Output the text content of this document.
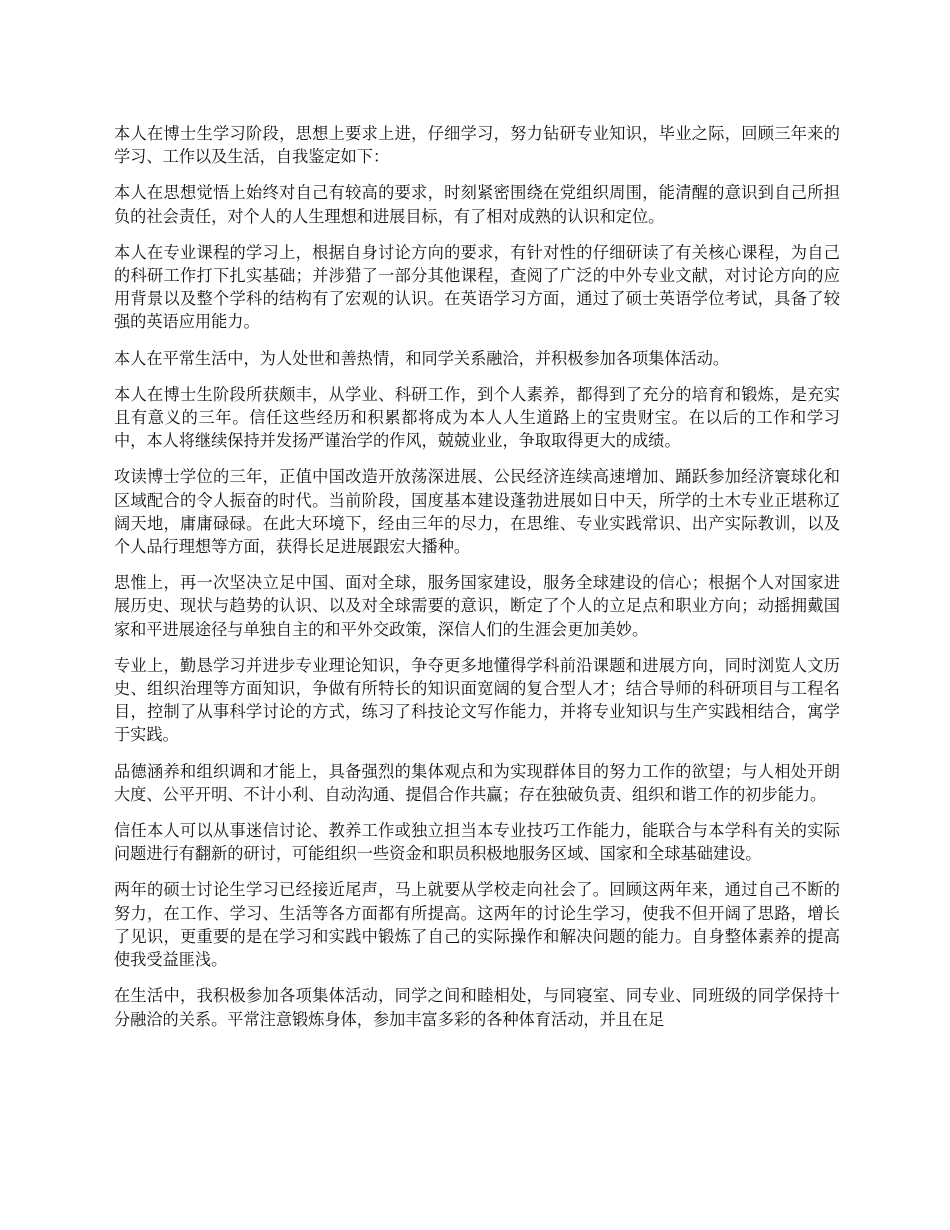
本人在博士生学习阶段，思想上要求上进，仔细学习，努力钻研专业知识，毕业之际，回顾三年来的学习、工作以及生活，自我鉴定如下：

本人在思想觉悟上始终对自己有较高的要求，时刻紧密围绕在党组织周围，能清醒的意识到自己所担负的社会责任，对个人的人生理想和进展目标，有了相对成熟的认识和定位。

本人在专业课程的学习上，根据自身讨论方向的要求，有针对性的仔细研读了有关核心课程，为自己的科研工作打下扎实基础；并涉猎了一部分其他课程，查阅了广泛的中外专业文献，对讨论方向的应用背景以及整个学科的结构有了宏观的认识。在英语学习方面，通过了硕士英语学位考试，具备了较强的英语应用能力。

本人在平常生活中，为人处世和善热情，和同学关系融洽，并积极参加各项集体活动。

本人在博士生阶段所获颇丰，从学业、科研工作，到个人素养，都得到了充分的培育和锻炼，是充实且有意义的三年。信任这些经历和积累都将成为本人人生道路上的宝贵财宝。在以后的工作和学习中，本人将继续保持并发扬严谨治学的作风，兢兢业业，争取取得更大的成绩。

攻读博士学位的三年，正值中国改造开放荡深进展、公民经济连续高速增加、踊跃参加经济寰球化和区域配合的令人振奋的时代。当前阶段，国度基本建设蓬勃进展如日中天，所学的土木专业正堪称辽阔天地，庸庸碌碌。在此大环境下，经由三年的尽力，在思维、专业实践常识、出产实际教训，以及个人品行理想等方面，获得长足进展跟宏大播种。

思惟上，再一次坚决立足中国、面对全球，服务国家建设，服务全球建设的信心；根据个人对国家进展历史、现状与趋势的认识、以及对全球需要的意识，断定了个人的立足点和职业方向；动摇拥戴国家和平进展途径与单独自主的和平外交政策，深信人们的生涯会更加美妙。

专业上，勤恳学习并进步专业理论知识，争夺更多地懂得学科前沿课题和进展方向，同时浏览人文历史、组织治理等方面知识，争做有所特长的知识面宽阔的复合型人才；结合导师的科研项目与工程名目，控制了从事科学讨论的方式，练习了科技论文写作能力，并将专业知识与生产实践相结合，寓学于实践。

品德涵养和组织调和才能上，具备强烈的集体观点和为实现群体目的努力工作的欲望；与人相处开朗大度、公平开明、不计小利、自动沟通、提倡合作共赢；存在独破负责、组织和谐工作的初步能力。

信任本人可以从事迷信讨论、教养工作或独立担当本专业技巧工作能力，能联合与本学科有关的实际问题进行有翻新的研讨，可能组织一些资金和职员积极地服务区域、国家和全球基础建设。

两年的硕士讨论生学习已经接近尾声，马上就要从学校走向社会了。回顾这两年来，通过自己不断的努力，在工作、学习、生活等各方面都有所提高。这两年的讨论生学习，使我不但开阔了思路，增长了见识，更重要的是在学习和实践中锻炼了自己的实际操作和解决问题的能力。自身整体素养的提高使我受益匪浅。

在生活中，我积极参加各项集体活动，同学之间和睦相处，与同寝室、同专业、同班级的同学保持十分融洽的关系。平常注意锻炼身体，参加丰富多彩的各种体育活动，并且在足
